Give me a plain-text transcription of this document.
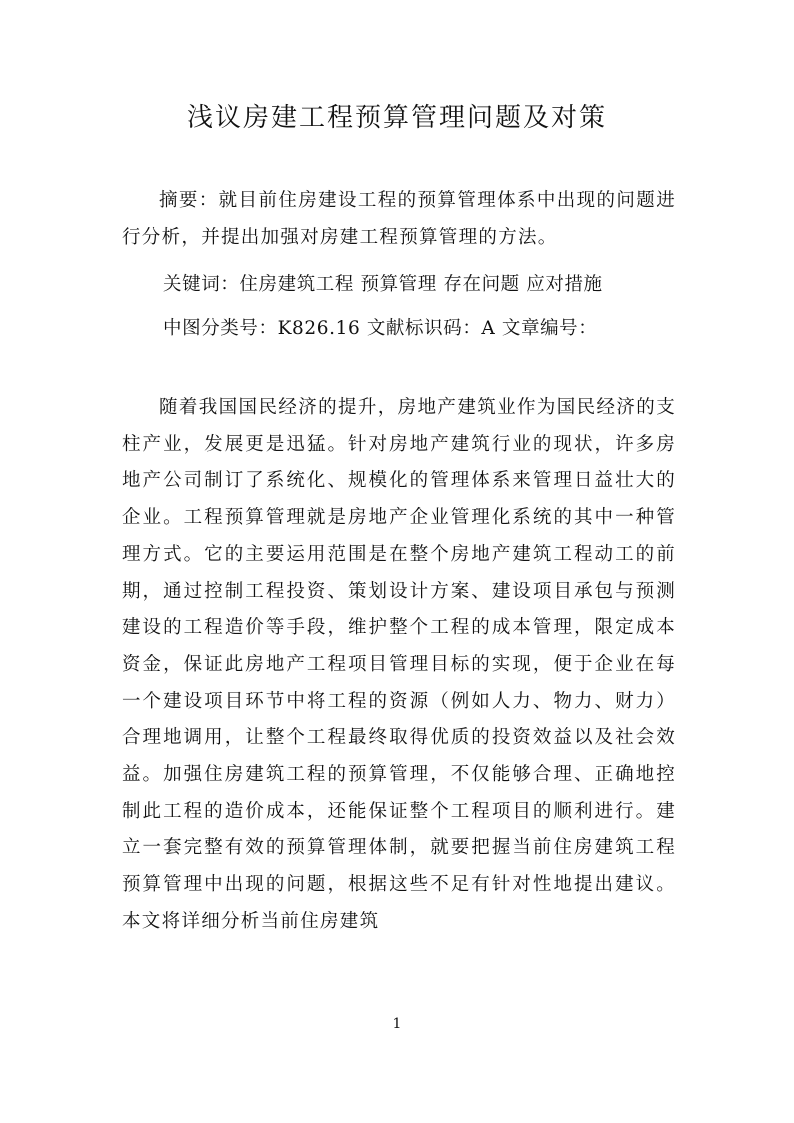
浅议房建工程预算管理问题及对策
摘要：就目前住房建设工程的预算管理体系中出现的问题进行分析，并提出加强对房建工程预算管理的方法。
关键词：住房建筑工程 预算管理 存在问题 应对措施
中图分类号：K826.16 文献标识码：A 文章编号：
随着我国国民经济的提升，房地产建筑业作为国民经济的支柱产业，发展更是迅猛。针对房地产建筑行业的现状，许多房地产公司制订了系统化、规模化的管理体系来管理日益壮大的企业。工程预算管理就是房地产企业管理化系统的其中一种管理方式。它的主要运用范围是在整个房地产建筑工程动工的前期，通过控制工程投资、策划设计方案、建设项目承包与预测建设的工程造价等手段，维护整个工程的成本管理，限定成本资金，保证此房地产工程项目管理目标的实现，便于企业在每一个建设项目环节中将工程的资源（例如人力、物力、财力）合理地调用，让整个工程最终取得优质的投资效益以及社会效益。加强住房建筑工程的预算管理，不仅能够合理、正确地控制此工程的造价成本，还能保证整个工程项目的顺利进行。建立一套完整有效的预算管理体制，就要把握当前住房建筑工程预算管理中出现的问题，根据这些不足有针对性地提出建议。本文将详细分析当前住房建筑
1
